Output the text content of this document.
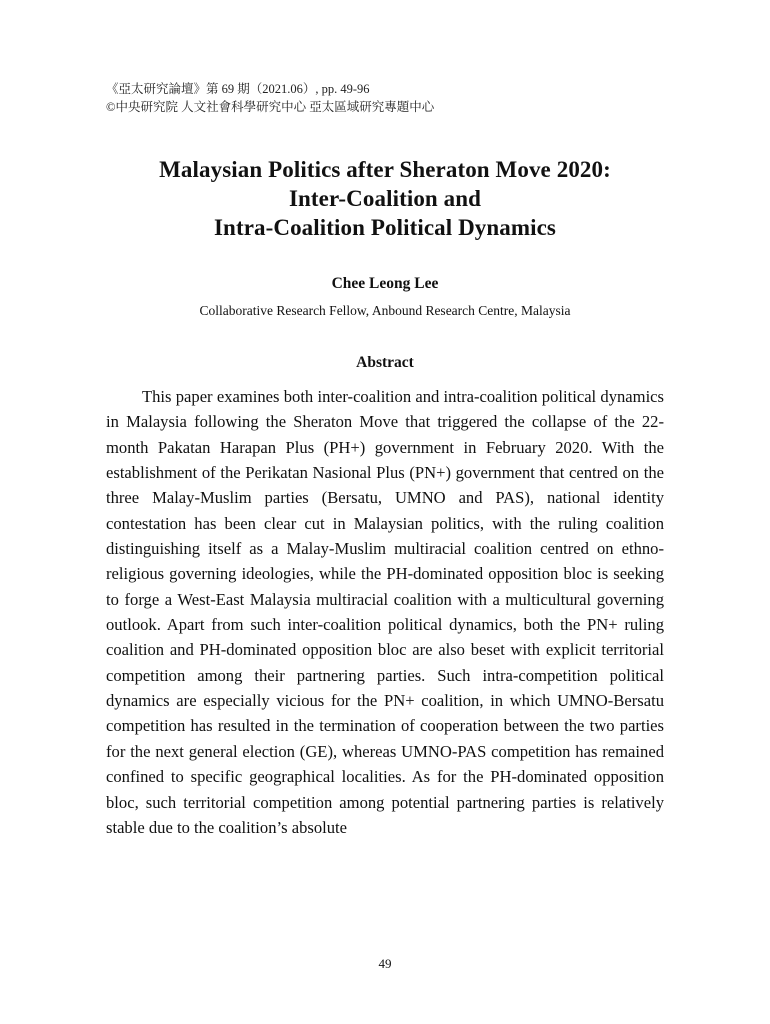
《亞太研究論壇》第 69 期（2021.06）, pp. 49-96
©中央研究院 人文社會科學研究中心 亞太區域研究專題中心
Malaysian Politics after Sheraton Move 2020:
Inter-Coalition and
Intra-Coalition Political Dynamics
Chee Leong Lee
Collaborative Research Fellow, Anbound Research Centre, Malaysia
Abstract

This paper examines both inter-coalition and intra-coalition political dynamics in Malaysia following the Sheraton Move that triggered the collapse of the 22-month Pakatan Harapan Plus (PH+) government in February 2020. With the establishment of the Perikatan Nasional Plus (PN+) government that centred on the three Malay-Muslim parties (Bersatu, UMNO and PAS), national identity contestation has been clear cut in Malaysian politics, with the ruling coalition distinguishing itself as a Malay-Muslim multiracial coalition centred on ethno-religious governing ideologies, while the PH-dominated opposition bloc is seeking to forge a West-East Malaysia multiracial coalition with a multicultural governing outlook. Apart from such inter-coalition political dynamics, both the PN+ ruling coalition and PH-dominated opposition bloc are also beset with explicit territorial competition among their partnering parties. Such intra-competition political dynamics are especially vicious for the PN+ coalition, in which UMNO-Bersatu competition has resulted in the termination of cooperation between the two parties for the next general election (GE), whereas UMNO-PAS competition has remained confined to specific geographical localities. As for the PH-dominated opposition bloc, such territorial competition among potential partnering parties is relatively stable due to the coalition’s absolute

49
